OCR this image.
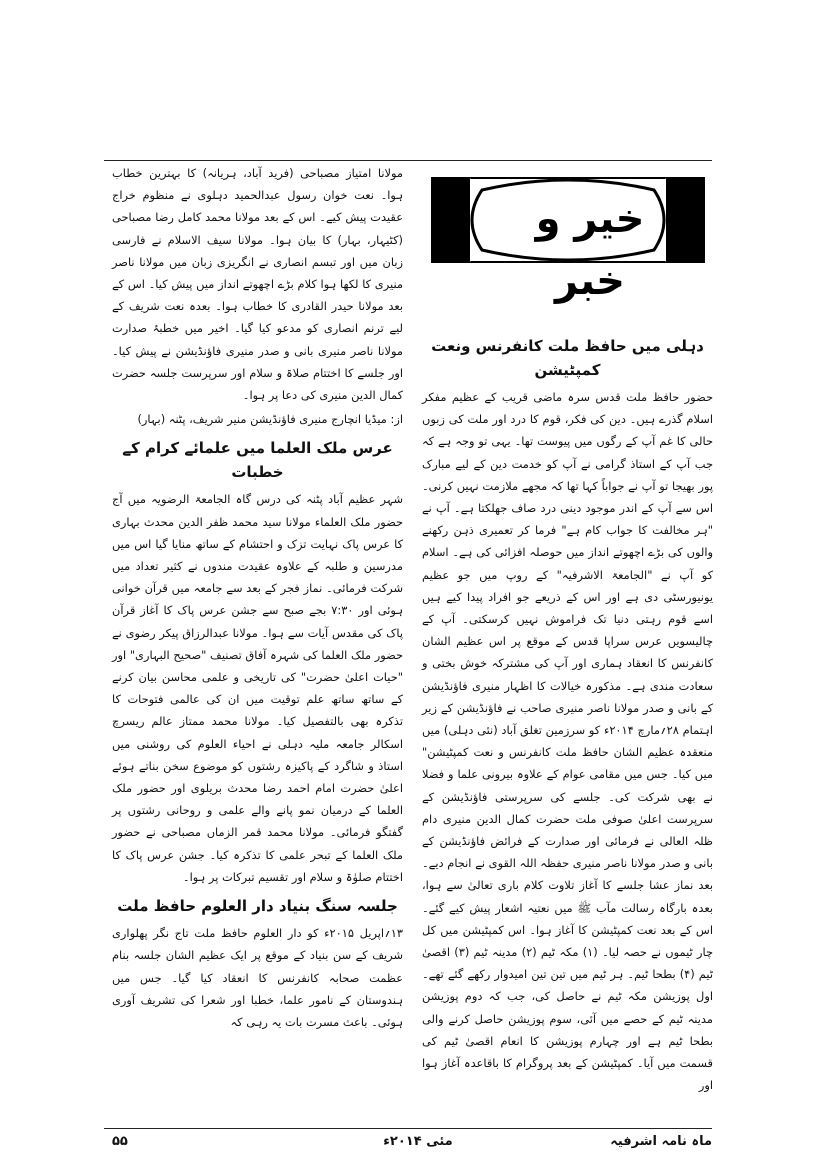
خیر و خبر

دہلی میں حافظ ملت کانفرنس ونعت کمپٹیشن

حضور حافظ ملت قدس سرہ ماضی قریب کے عظیم مفکر اسلام گذرے ہیں۔ دین کی فکر، قوم کا درد اور ملت کی زبوں حالی کا غم آپ کے رگوں میں پیوست تھا۔ یہی تو وجہ ہے کہ جب آپ کے استاذ گرامی نے آپ کو خدمت دین کے لیے مبارک پور بھیجا تو آپ نے جواباً کہا تھا کہ مجھے ملازمت نہیں کرنی۔ اس سے آپ کے اندر موجود دینی درد صاف جھلکتا ہے۔ آپ نے "ہر مخالفت کا جواب کام ہے" فرما کر تعمیری ذہن رکھنے والوں کی بڑے اچھوتے انداز میں حوصلہ افزائی کی ہے۔ اسلام کو آپ نے "الجامعۃ الاشرفیہ" کے روپ میں جو عظیم یونیورسٹی دی ہے اور اس کے ذریعے جو افراد پیدا کیے ہیں اسے قوم رہتی دنیا تک فراموش نہیں کرسکتی۔ آپ کے چالیسویں عرس سراپا قدس کے موقع پر اس عظیم الشان کانفرنس کا انعقاد ہماری اور آپ کی مشترکہ خوش بختی و سعادت مندی ہے۔ مذکورہ خیالات کا اظہار منیری فاؤنڈیشن کے بانی و صدر مولانا ناصر منیری صاحب نے فاؤنڈیشن کے زیر اہتمام ۲۸؍مارچ ۲۰۱۴ء کو سرزمین تغلق آباد (نئی دہلی) میں منعقدہ عظیم الشان حافظ ملت کانفرنس و نعت کمپٹیشن" میں کیا۔ جس میں مقامی عوام کے علاوہ بیرونی علما و فضلا نے بھی شرکت کی۔ جلسے کی سرپرستی فاؤنڈیشن کے سرپرست اعلیٰ صوفی ملت حضرت کمال الدین منیری دام ظلہ العالی نے فرمائی اور صدارت کے فرائض فاؤنڈیشن کے بانی و صدر مولانا ناصر منیری حفظہ اللہ القوی نے انجام دیے۔ بعد نماز عشا جلسے کا آغاز تلاوت کلام باری تعالیٰ سے ہوا، بعدہ بارگاہ رسالت مآب ﷺ میں نعتیہ اشعار پیش کیے گئے۔ اس کے بعد نعت کمپٹیشن کا آغاز ہوا۔ اس کمپٹیشن میں کل چار ٹیموں نے حصہ لیا۔ (۱) مکہ ٹیم (۲) مدینہ ٹیم (۳) اقصیٰ ٹیم (۴) بطحا ٹیم۔ ہر ٹیم میں تین تین امیدوار رکھے گئے تھے۔ اول پوزیشن مکہ ٹیم نے حاصل کی، جب کہ دوم پوزیشن مدینہ ٹیم کے حصے میں آئی، سوم پوزیشن حاصل کرنے والی بطحا ٹیم ہے اور چہارم پوزیشن کا انعام اقصیٰ ٹیم کی قسمت میں آیا۔ کمپٹیشن کے بعد پروگرام کا باقاعدہ آغاز ہوا اور

مولانا امتیاز مصباحی (فرید آباد، ہریانہ) کا بہترین خطاب ہوا۔ نعت خوان رسول عبدالحمید دہلوی نے منظوم خراج عقیدت پیش کیے۔ اس کے بعد مولانا محمد کامل رضا مصباحی (کٹیہار، بہار) کا بیان ہوا۔ مولانا سیف الاسلام نے فارسی زبان میں اور تبسم انصاری نے انگریزی زبان میں مولانا ناصر منیری کا لکھا ہوا کلام بڑے اچھوتے انداز میں پیش کیا۔ اس کے بعد مولانا حیدر القادری کا خطاب ہوا۔ بعدہ نعت شریف کے لیے ترنم انصاری کو مدعو کیا گیا۔ اخیر میں خطبۂ صدارت مولانا ناصر منیری بانی و صدر منیری فاؤنڈیشن نے پیش کیا۔ اور جلسے کا اختتام صلاۃ و سلام اور سرپرست جلسہ حضرت کمال الدین منیری کی دعا پر ہوا۔

از: میڈیا انچارج منیری فاؤنڈیشن منیر شریف، پٹنہ (بہار)

عرس ملک العلما میں علمائے کرام کے خطبات

شہر عظیم آباد پٹنہ کی درس گاہ الجامعۃ الرضویہ میں آج حضور ملک العلماء مولانا سید محمد ظفر الدین محدث بہاری کا عرس پاک نہایت تزک و احتشام کے ساتھ منایا گیا اس میں مدرسین و طلبہ کے علاوہ عقیدت مندوں نے کثیر تعداد میں شرکت فرمائی۔ نماز فجر کے بعد سے جامعہ میں قرآن خوانی ہوئی اور ۷:۳۰ بجے صبح سے جشن عرس پاک کا آغاز قرآن پاک کی مقدس آیات سے ہوا۔ مولانا عبدالرزاق پیکر رضوی نے حضور ملک العلما کی شہرہ آفاق تصنیف "صحیح البہاری" اور "حیات اعلیٰ حضرت" کی تاریخی و علمی محاسن بیان کرنے کے ساتھ ساتھ علم توقیت میں ان کی عالمی فتوحات کا تذکرہ بھی بالتفصیل کیا۔ مولانا محمد ممتاز عالم ریسرچ اسکالر جامعہ ملیہ دہلی نے احیاء العلوم کی روشنی میں استاذ و شاگرد کے پاکیزہ رشتوں کو موضوع سخن بناتے ہوئے اعلیٰ حضرت امام احمد رضا محدث بریلوی اور حضور ملک العلما کے درمیان نمو پانے والے علمی و روحانی رشتوں پر گفتگو فرمائی۔ مولانا محمد قمر الزماں مصباحی نے حضور ملک العلما کے تبحر علمی کا تذکرہ کیا۔ جشن عرس پاک کا اختتام صلوٰۃ و سلام اور تقسیم تبرکات پر ہوا۔

جلسہ سنگ بنیاد دار العلوم حافظ ملت

۱۳؍اپریل ۲۰۱۵ء کو دار العلوم حافظ ملت تاج نگر پھلواری شریف کے سن بنیاد کے موقع پر ایک عظیم الشان جلسہ بنام عظمت صحابہ کانفرنس کا انعقاد کیا گیا۔ جس میں ہندوستان کے نامور علما، خطبا اور شعرا کی تشریف آوری ہوئی۔ باعث مسرت بات یہ رہی کہ

ماہ نامہ اشرفیہ
مئی ۲۰۱۴ء
۵۵
